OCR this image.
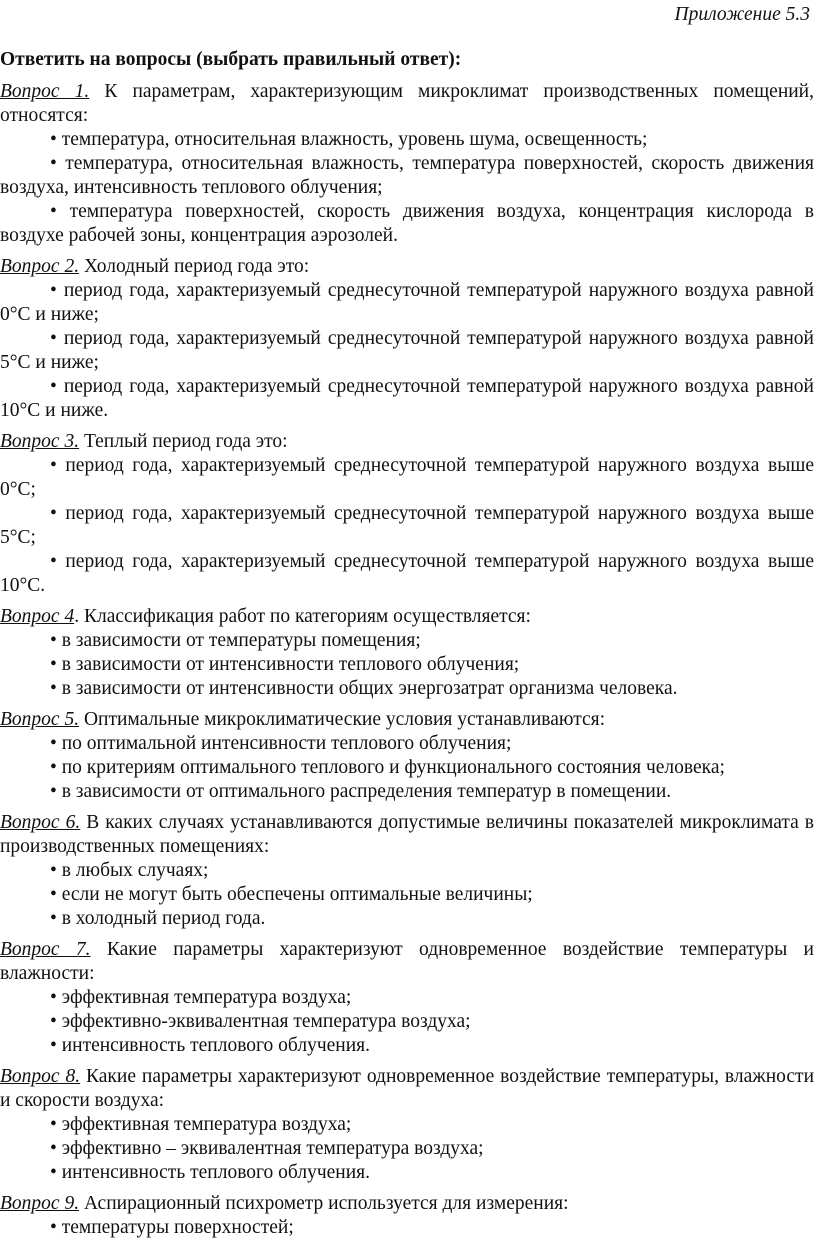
Приложение 5.3
Ответить на вопросы (выбрать правильный ответ):
Вопрос 1. К параметрам, характеризующим микроклимат производственных помещений, относятся:
• температура, относительная влажность, уровень шума, освещенность;
• температура, относительная влажность, температура поверхностей, скорость движения воздуха, интенсивность теплового облучения;
• температура поверхностей, скорость движения воздуха, концентрация кислорода в воздухе рабочей зоны, концентрация аэрозолей.
Вопрос 2. Холодный период года это:
• период года, характеризуемый среднесуточной температурой наружного воздуха равной 0°С и ниже;
• период года, характеризуемый среднесуточной температурой наружного воздуха равной 5°С и ниже;
• период года, характеризуемый среднесуточной температурой наружного воздуха равной 10°С и ниже.
Вопрос 3. Теплый период года это:
• период года, характеризуемый среднесуточной температурой наружного воздуха выше 0°С;
• период года, характеризуемый среднесуточной температурой наружного воздуха выше 5°С;
• период года, характеризуемый среднесуточной температурой наружного воздуха выше 10°С.
Вопрос 4. Классификация работ по категориям осуществляется:
• в зависимости от температуры помещения;
• в зависимости от интенсивности теплового облучения;
• в зависимости от интенсивности общих энергозатрат организма человека.
Вопрос 5. Оптимальные микроклиматические условия устанавливаются:
• по оптимальной интенсивности теплового облучения;
• по критериям оптимального теплового и функционального состояния человека;
• в зависимости от оптимального распределения температур в помещении.
Вопрос 6. В каких случаях устанавливаются допустимые величины показателей микроклимата в производственных помещениях:
• в любых случаях;
• если не могут быть обеспечены оптимальные величины;
• в холодный период года.
Вопрос 7. Какие параметры характеризуют одновременное воздействие температуры и влажности:
• эффективная температура воздуха;
• эффективно-эквивалентная температура воздуха;
• интенсивность теплового облучения.
Вопрос 8. Какие параметры характеризуют одновременное воздействие температуры, влажности и скорости воздуха:
• эффективная температура воздуха;
• эффективно – эквивалентная температура воздуха;
• интенсивность теплового облучения.
Вопрос 9. Аспирационный психрометр используется для измерения:
• температуры поверхностей;
